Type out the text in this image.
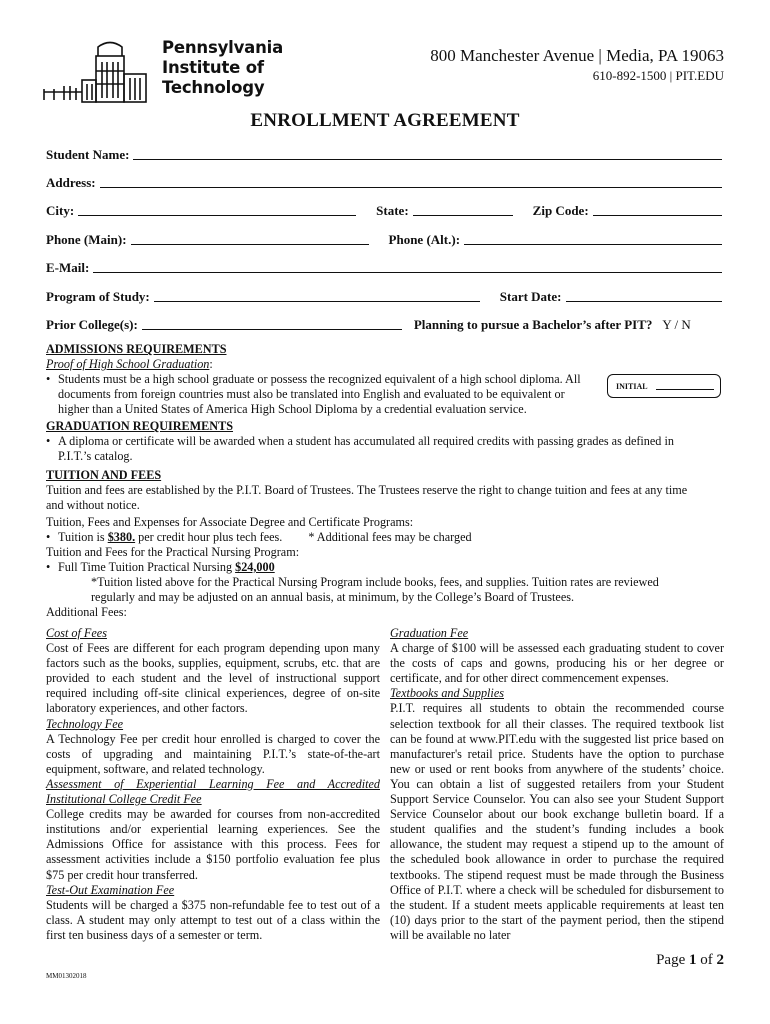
Pennsylvania
Institute of
Technology
800 Manchester Avenue | Media, PA 19063
610-892-1500 | PIT.EDU
ENROLLMENT AGREEMENT
Student Name:
Address:
City:	State:	Zip Code:
Phone (Main):	Phone (Alt.):
E-Mail:
Program of Study:	Start Date:
Prior College(s):	Planning to pursue a Bachelor’s after PIT? Y / N
ADMISSIONS REQUIREMENTS
Proof of High School Graduation:
• Students must be a high school graduate or possess the recognized equivalent of a high school diploma. All
documents from foreign countries must also be translated into English and evaluated to be equivalent or
higher than a United States of America High School Diploma by a credential evaluation service.
INITIAL
GRADUATION REQUIREMENTS
• A diploma or certificate will be awarded when a student has accumulated all required credits with passing grades as defined in
P.I.T.’s catalog.
TUITION AND FEES
Tuition and fees are established by the P.I.T. Board of Trustees. The Trustees reserve the right to change tuition and fees at any time
and without notice.
Tuition, Fees and Expenses for Associate Degree and Certificate Programs:
• Tuition is $380. per credit hour plus tech fees. * Additional fees may be charged
Tuition and Fees for the Practical Nursing Program:
• Full Time Tuition Practical Nursing $24,000
*Tuition listed above for the Practical Nursing Program include books, fees, and supplies. Tuition rates are reviewed
regularly and may be adjusted on an annual basis, at minimum, by the College’s Board of Trustees.
Additional Fees:
Cost of Fees
Cost of Fees are different for each program depending upon many factors such as the books, supplies, equipment, scrubs, etc. that are provided to each student and the level of instructional support required including off-site clinical experiences, degree of on-site laboratory experiences, and other factors.
Technology Fee
A Technology Fee per credit hour enrolled is charged to cover the costs of upgrading and maintaining P.I.T.’s state-of-the-art equipment, software, and related technology.
Assessment of Experiential Learning Fee and Accredited Institutional College Credit Fee
College credits may be awarded for courses from non-accredited institutions and/or experiential learning experiences. See the Admissions Office for assistance with this process. Fees for assessment activities include a $150 portfolio evaluation fee plus $75 per credit hour transferred.
Test-Out Examination Fee
Students will be charged a $375 non-refundable fee to test out of a class. A student may only attempt to test out of a class within the first ten business days of a semester or term.
Graduation Fee
A charge of $100 will be assessed each graduating student to cover the costs of caps and gowns, producing his or her degree or certificate, and for other direct commencement expenses.
Textbooks and Supplies
P.I.T. requires all students to obtain the recommended course selection textbook for all their classes. The required textbook list can be found at www.PIT.edu with the suggested list price based on manufacturer's retail price. Students have the option to purchase new or used or rent books from anywhere of the students’ choice. You can obtain a list of suggested retailers from your Student Support Service Counselor. You can also see your Student Support Service Counselor about our book exchange bulletin board. If a student qualifies and the student’s funding includes a book allowance, the student may request a stipend up to the amount of the scheduled book allowance in order to purchase the required textbooks. The stipend request must be made through the Business Office of P.I.T. where a check will be scheduled for disbursement to the student. If a student meets applicable requirements at least ten (10) days prior to the start of the payment period, then the stipend will be available no later
Page 1 of 2
MM01302018
